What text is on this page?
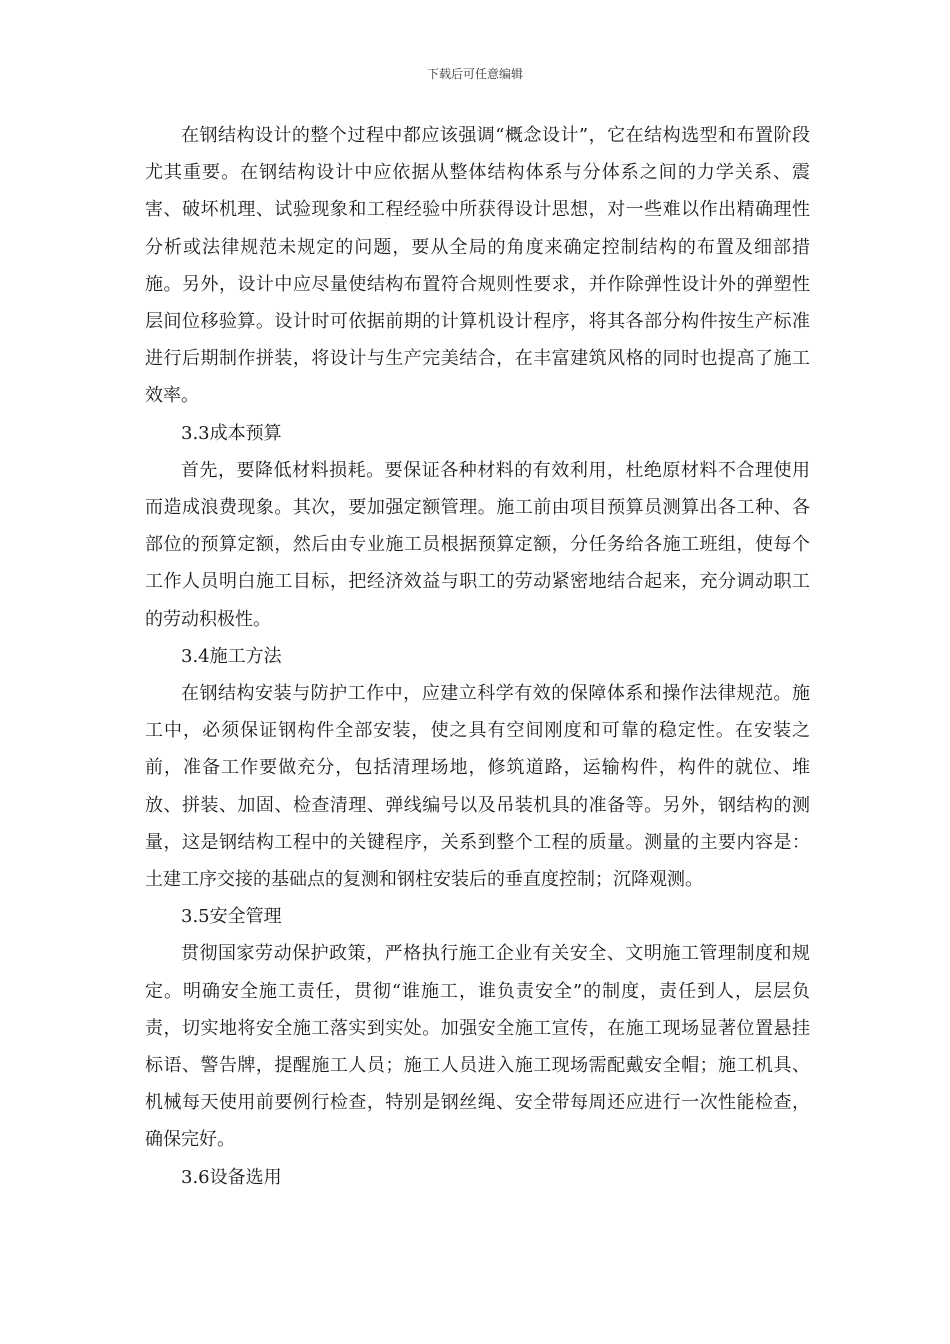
下载后可任意编辑

在钢结构设计的整个过程中都应该强调“概念设计”，它在结构选型和布置阶段尤其重要。在钢结构设计中应依据从整体结构体系与分体系之间的力学关系、震害、破坏机理、试验现象和工程经验中所获得设计思想，对一些难以作出精确理性分析或法律规范未规定的问题，要从全局的角度来确定控制结构的布置及细部措施。另外，设计中应尽量使结构布置符合规则性要求，并作除弹性设计外的弹塑性层间位移验算。设计时可依据前期的计算机设计程序，将其各部分构件按生产标准进行后期制作拼装，将设计与生产完美结合，在丰富建筑风格的同时也提高了施工效率。

3.3成本预算

首先，要降低材料损耗。要保证各种材料的有效利用，杜绝原材料不合理使用而造成浪费现象。其次，要加强定额管理。施工前由项目预算员测算出各工种、各部位的预算定额，然后由专业施工员根据预算定额，分任务给各施工班组，使每个工作人员明白施工目标，把经济效益与职工的劳动紧密地结合起来，充分调动职工的劳动积极性。

3.4施工方法

在钢结构安装与防护工作中，应建立科学有效的保障体系和操作法律规范。施工中，必须保证钢构件全部安装，使之具有空间刚度和可靠的稳定性。在安装之前，准备工作要做充分，包括清理场地，修筑道路，运输构件，构件的就位、堆放、拼装、加固、检查清理、弹线编号以及吊装机具的准备等。另外，钢结构的测量，这是钢结构工程中的关键程序，关系到整个工程的质量。测量的主要内容是：土建工序交接的基础点的复测和钢柱安装后的垂直度控制；沉降观测。

3.5安全管理

贯彻国家劳动保护政策，严格执行施工企业有关安全、文明施工管理制度和规定。明确安全施工责任，贯彻“谁施工，谁负责安全”的制度，责任到人，层层负责，切实地将安全施工落实到实处。加强安全施工宣传，在施工现场显著位置悬挂标语、警告牌，提醒施工人员；施工人员进入施工现场需配戴安全帽；施工机具、机械每天使用前要例行检查，特别是钢丝绳、安全带每周还应进行一次性能检查，确保完好。

3.6设备选用
